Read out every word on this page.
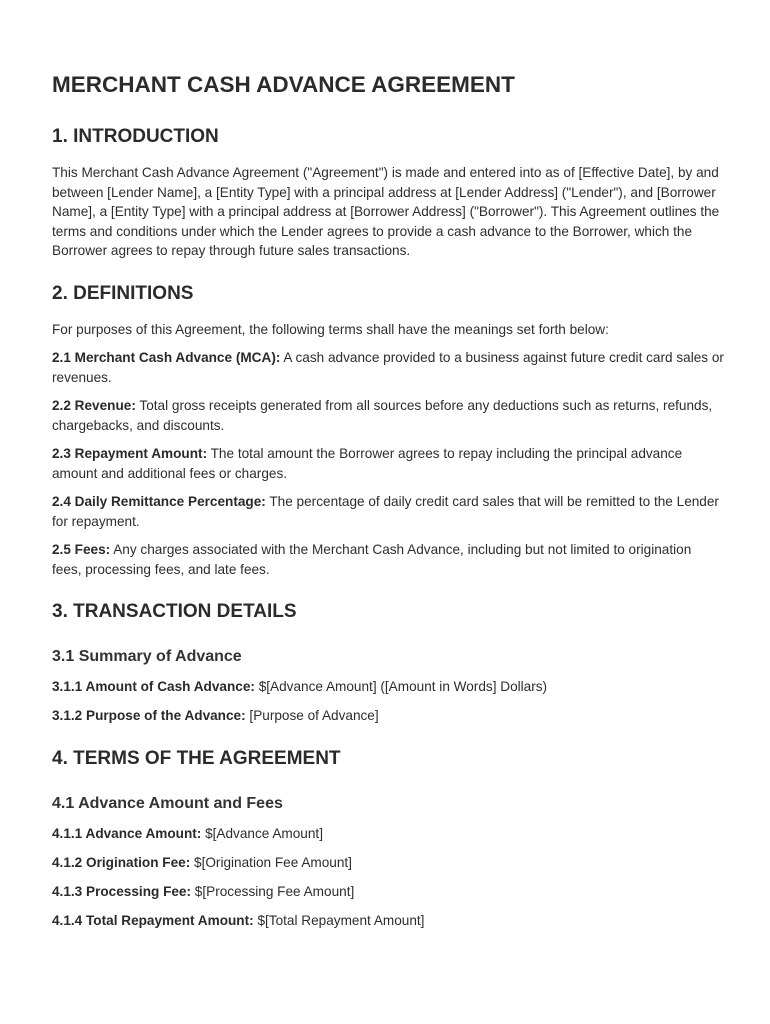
MERCHANT CASH ADVANCE AGREEMENT
1. INTRODUCTION

This Merchant Cash Advance Agreement ("Agreement") is made and entered into as of [Effective Date], by and between [Lender Name], a [Entity Type] with a principal address at [Lender Address] ("Lender"), and [Borrower Name], a [Entity Type] with a principal address at [Borrower Address] ("Borrower"). This Agreement outlines the terms and conditions under which the Lender agrees to provide a cash advance to the Borrower, which the Borrower agrees to repay through future sales transactions.

2. DEFINITIONS

For purposes of this Agreement, the following terms shall have the meanings set forth below:

2.1 Merchant Cash Advance (MCA): A cash advance provided to a business against future credit card sales or revenues.

2.2 Revenue: Total gross receipts generated from all sources before any deductions such as returns, refunds, chargebacks, and discounts.

2.3 Repayment Amount: The total amount the Borrower agrees to repay including the principal advance amount and additional fees or charges.

2.4 Daily Remittance Percentage: The percentage of daily credit card sales that will be remitted to the Lender for repayment.

2.5 Fees: Any charges associated with the Merchant Cash Advance, including but not limited to origination fees, processing fees, and late fees.

3. TRANSACTION DETAILS
3.1 Summary of Advance

3.1.1 Amount of Cash Advance: $[Advance Amount] ([Amount in Words] Dollars)

3.1.2 Purpose of the Advance: [Purpose of Advance]

4. TERMS OF THE AGREEMENT
4.1 Advance Amount and Fees

4.1.1 Advance Amount: $[Advance Amount]

4.1.2 Origination Fee: $[Origination Fee Amount]

4.1.3 Processing Fee: $[Processing Fee Amount]

4.1.4 Total Repayment Amount: $[Total Repayment Amount]
